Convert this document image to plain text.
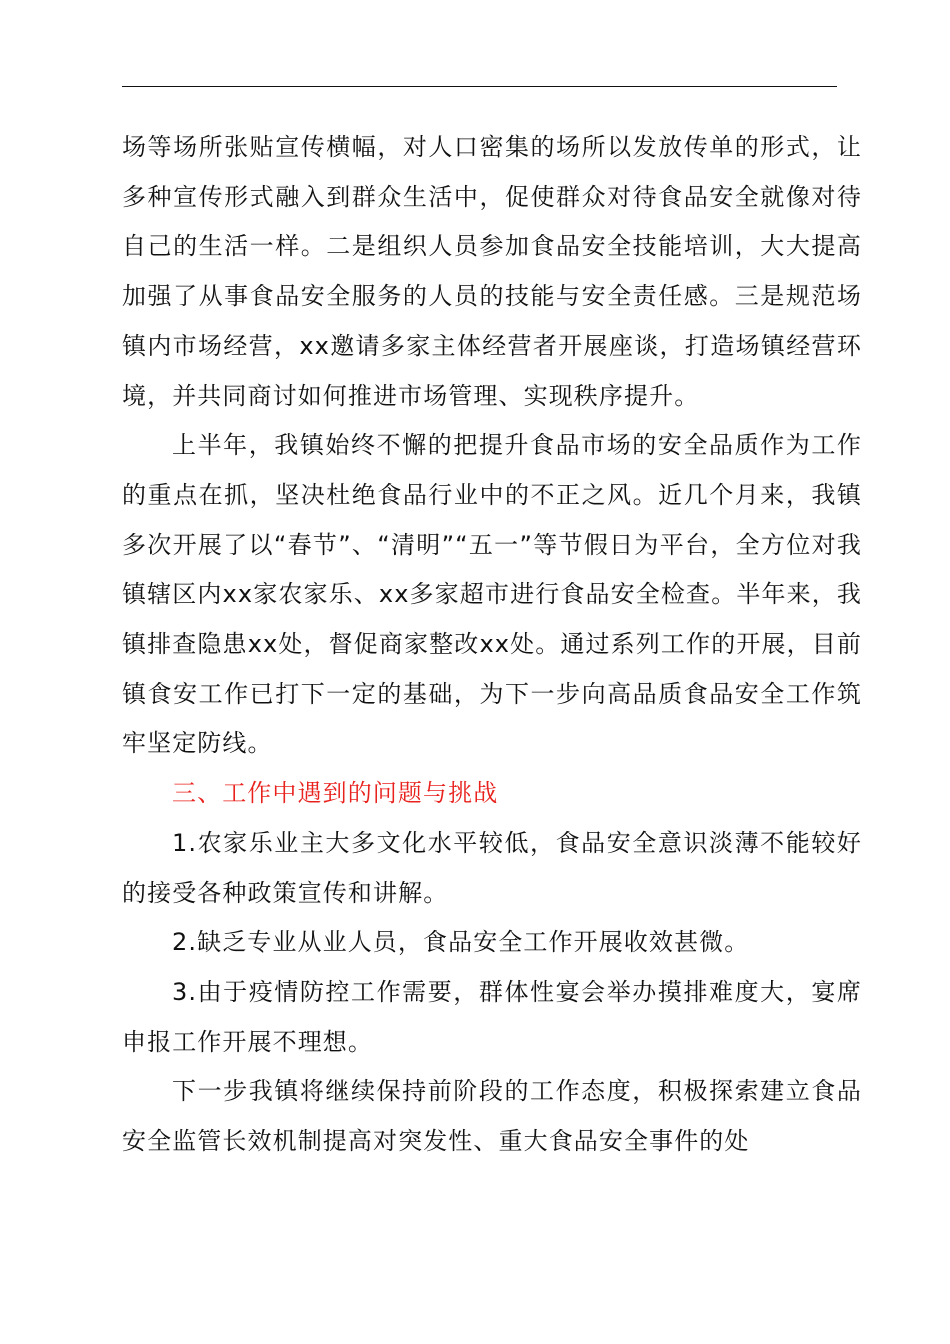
场等场所张贴宣传横幅，对人口密集的场所以发放传单的形式，让多种宣传形式融入到群众生活中，促使群众对待食品安全就像对待自己的生活一样。二是组织人员参加食品安全技能培训，大大提高加强了从事食品安全服务的人员的技能与安全责任感。三是规范场镇内市场经营，xx邀请多家主体经营者开展座谈，打造场镇经营环境，并共同商讨如何推进市场管理、实现秩序提升。

上半年，我镇始终不懈的把提升食品市场的安全品质作为工作的重点在抓，坚决杜绝食品行业中的不正之风。近几个月来，我镇多次开展了以“春节”、“清明”“五一”等节假日为平台，全方位对我镇辖区内xx家农家乐、xx多家超市进行食品安全检查。半年来，我镇排查隐患xx处，督促商家整改xx处。通过系列工作的开展，目前镇食安工作已打下一定的基础，为下一步向高品质食品安全工作筑牢坚定防线。

三、工作中遇到的问题与挑战

1.农家乐业主大多文化水平较低，食品安全意识淡薄不能较好的接受各种政策宣传和讲解。

2.缺乏专业从业人员，食品安全工作开展收效甚微。

3.由于疫情防控工作需要，群体性宴会举办摸排难度大，宴席申报工作开展不理想。

下一步我镇将继续保持前阶段的工作态度，积极探索建立食品安全监管长效机制提高对突发性、重大食品安全事件的处
